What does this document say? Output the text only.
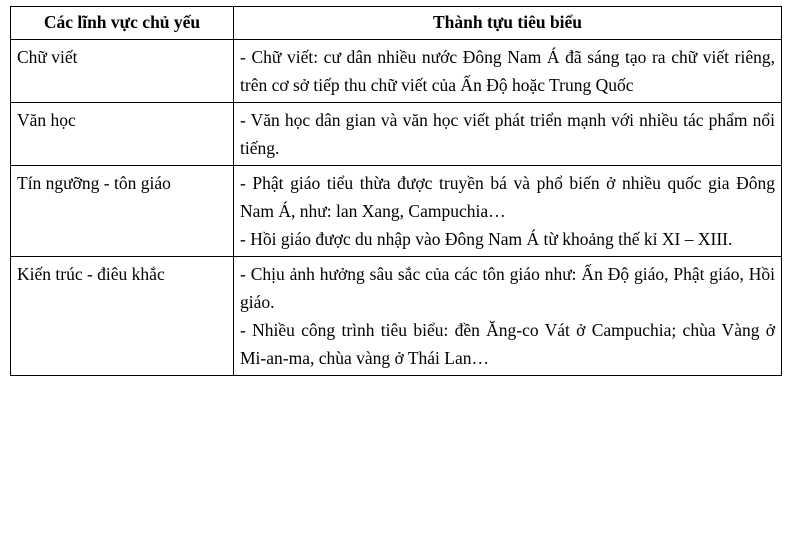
Các lĩnh vực chủ yếu	Thành tựu tiêu biểu
Chữ viết	- Chữ viết: cư dân nhiều nước Đông Nam Á đã sáng tạo ra chữ viết riêng, trên cơ sở tiếp thu chữ viết của Ấn Độ hoặc Trung Quốc

Văn học	- Văn học dân gian và văn học viết phát triển mạnh với nhiều tác phẩm nổi tiếng.

Tín ngưỡng - tôn giáo	- Phật giáo tiểu thừa được truyền bá và phổ biến ở nhiều quốc gia Đông Nam Á, như: lan Xang, Campuchia…
- Hồi giáo được du nhập vào Đông Nam Á từ khoảng thế kỉ XI – XIII.

Kiến trúc - điêu khắc	- Chịu ảnh hưởng sâu sắc của các tôn giáo như: Ấn Độ giáo, Phật giáo, Hồi giáo.
- Nhiều công trình tiêu biểu: đền Ăng-co Vát ở Campuchia; chùa Vàng ở Mi-an-ma, chùa vàng ở Thái Lan…
